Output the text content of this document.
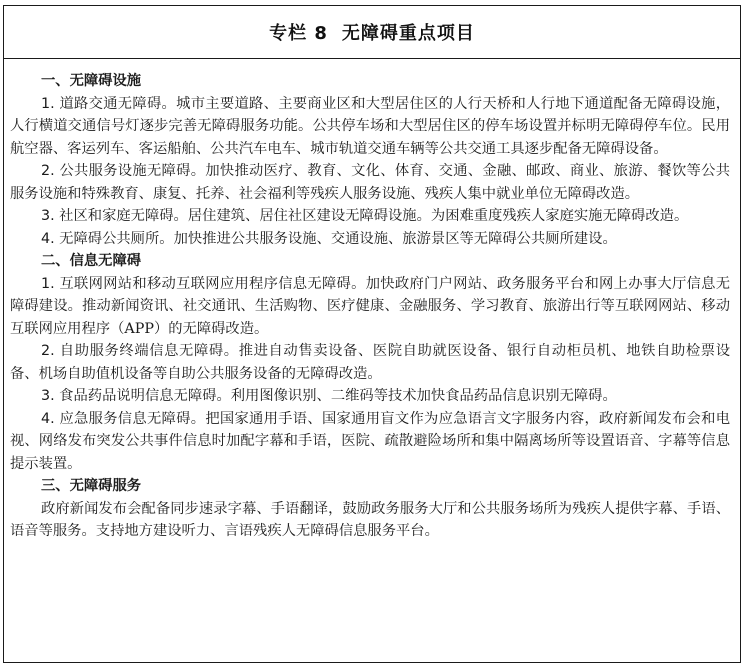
专栏 8 无障碍重点项目
一、无障碍设施

1. 道路交通无障碍。城市主要道路、主要商业区和大型居住区的人行天桥和人行地下通道配备无障碍设施，人行横道交通信号灯逐步完善无障碍服务功能。公共停车场和大型居住区的停车场设置并标明无障碍停车位。民用航空器、客运列车、客运船舶、公共汽车电车、城市轨道交通车辆等公共交通工具逐步配备无障碍设备。

2. 公共服务设施无障碍。加快推动医疗、教育、文化、体育、交通、金融、邮政、商业、旅游、餐饮等公共服务设施和特殊教育、康复、托养、社会福利等残疾人服务设施、残疾人集中就业单位无障碍改造。

3. 社区和家庭无障碍。居住建筑、居住社区建设无障碍设施。为困难重度残疾人家庭实施无障碍改造。

4. 无障碍公共厕所。加快推进公共服务设施、交通设施、旅游景区等无障碍公共厕所建设。

二、信息无障碍

1. 互联网网站和移动互联网应用程序信息无障碍。加快政府门户网站、政务服务平台和网上办事大厅信息无障碍建设。推动新闻资讯、社交通讯、生活购物、医疗健康、金融服务、学习教育、旅游出行等互联网网站、移动互联网应用程序（APP）的无障碍改造。

2. 自助服务终端信息无障碍。推进自动售卖设备、医院自助就医设备、银行自动柜员机、地铁自助检票设备、机场自助值机设备等自助公共服务设备的无障碍改造。

3. 食品药品说明信息无障碍。利用图像识别、二维码等技术加快食品药品信息识别无障碍。

4. 应急服务信息无障碍。把国家通用手语、国家通用盲文作为应急语言文字服务内容，政府新闻发布会和电视、网络发布突发公共事件信息时加配字幕和手语，医院、疏散避险场所和集中隔离场所等设置语音、字幕等信息提示装置。

三、无障碍服务

政府新闻发布会配备同步速录字幕、手语翻译，鼓励政务服务大厅和公共服务场所为残疾人提供字幕、手语、语音等服务。支持地方建设听力、言语残疾人无障碍信息服务平台。
